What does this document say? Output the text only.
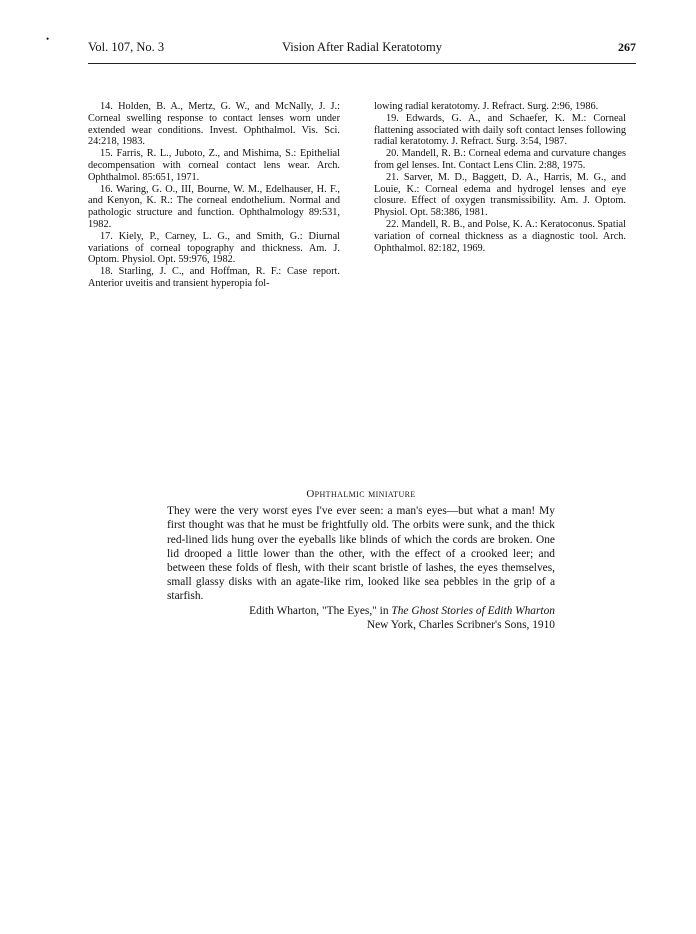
•
Vol. 107, No. 3	Vision After Radial Keratotomy	267

14. Holden, B. A., Mertz, G. W., and McNally, J. J.: Corneal swelling response to contact lenses worn under extended wear conditions. Invest. Ophthalmol. Vis. Sci. 24:218, 1983.

15. Farris, R. L., Juboto, Z., and Mishima, S.: Epithelial decompensation with corneal contact lens wear. Arch. Ophthalmol. 85:651, 1971.

16. Waring, G. O., III, Bourne, W. M., Edelhauser, H. F., and Kenyon, K. R.: The corneal endothelium. Normal and pathologic structure and function. Ophthalmology 89:531, 1982.

17. Kiely, P., Carney, L. G., and Smith, G.: Diurnal variations of corneal topography and thickness. Am. J. Optom. Physiol. Opt. 59:976, 1982.

18. Starling, J. C., and Hoffman, R. F.: Case report. Anterior uveitis and transient hyperopia fol-

lowing radial keratotomy. J. Refract. Surg. 2:96, 1986.

19. Edwards, G. A., and Schaefer, K. M.: Corneal flattening associated with daily soft contact lenses following radial keratotomy. J. Refract. Surg. 3:54, 1987.

20. Mandell, R. B.: Corneal edema and curvature changes from gel lenses. Int. Contact Lens Clin. 2:88, 1975.

21. Sarver, M. D., Baggett, D. A., Harris, M. G., and Louie, K.: Corneal edema and hydrogel lenses and eye closure. Effect of oxygen transmissibility. Am. J. Optom. Physiol. Opt. 58:386, 1981.

22. Mandell, R. B., and Polse, K. A.: Keratoconus. Spatial variation of corneal thickness as a diagnostic tool. Arch. Ophthalmol. 82:182, 1969.

Ophthalmic miniature

They were the very worst eyes I've ever seen: a man's eyes—but what a man! My first thought was that he must be frightfully old. The orbits were sunk, and the thick red-lined lids hung over the eyeballs like blinds of which the cords are broken. One lid drooped a little lower than the other, with the effect of a crooked leer; and between these folds of flesh, with their scant bristle of lashes, the eyes themselves, small glassy disks with an agate-like rim, looked like sea pebbles in the grip of a starfish.

Edith Wharton, "The Eyes," in The Ghost Stories of Edith Wharton

New York, Charles Scribner's Sons, 1910
